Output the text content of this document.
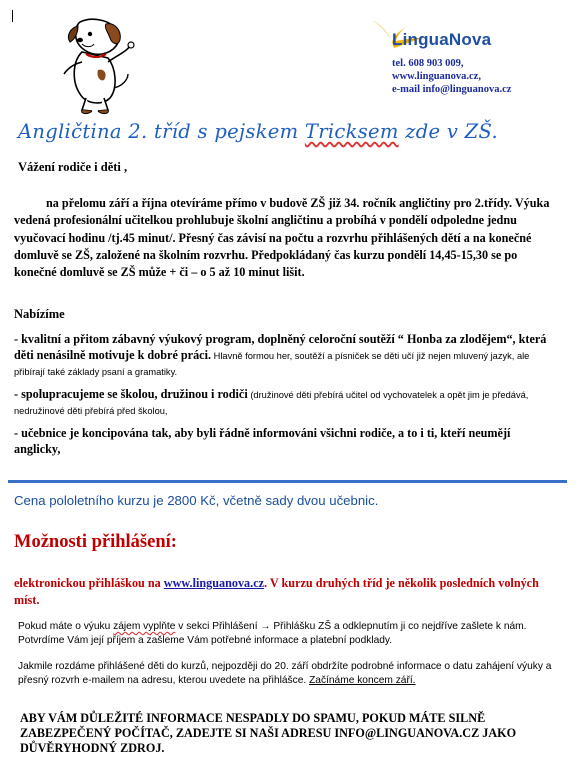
LinguaNova
tel. 608 903 009,
www.linguanova.cz,
e-mail info@linguanova.cz
Angličtina 2. tříd s pejskem Tricksem zde v ZŠ.
Vážení rodiče i děti ,
na přelomu září a října otevíráme přímo v budově ZŠ již 34. ročník angličtiny pro 2.třídy. Výuka vedená profesionální učitelkou prohlubuje školní angličtinu a probíhá v pondělí odpoledne jednu vyučovací hodinu /tj.45 minut/. Přesný čas závisí na počtu a rozvrhu přihlášených dětí a na konečné domluvě se ZŠ, založené na školním rozvrhu. Předpokládaný čas kurzu pondělí 14,45-15,30 se po konečné domluvě se ZŠ může + či – o 5 až 10 minut lišit.
Nabízíme
- kvalitní a přitom zábavný výukový program, doplněný celoroční soutěží “ Honba za zlodějem“, která děti nenásilně motivuje k dobré práci. Hlavně formou her, soutěží a písniček se děti učí již nejen mluvený jazyk, ale přibírají také základy psaní a gramatiky.
- spolupracujeme se školou, družinou i rodiči (družinové děti přebírá učitel od vychovatelek a opět jim je předává, nedružinové děti přebírá před školou,
- učebnice je koncipována tak, aby byli řádně informováni všichni rodiče, a to i ti, kteří neumějí anglicky,
Cena pololetního kurzu je 2800 Kč, včetně sady dvou učebnic.
Možnosti přihlášení:
elektronickou přihláškou na www.linguanova.cz. V kurzu druhých tříd je několik posledních volných míst.
Pokud máte o výuku zájem vyplňte v sekci Přihlášení → Přihlášku ZŠ a odklepnutím ji co nejdříve zašlete k nám. Potvrdíme Vám její příjem a zašleme Vám potřebné informace a platební podklady.
Jakmile rozdáme přihlášené děti do kurzů, nejpozději do 20. září obdržíte podrobné informace o datu zahájení výuky a přesný rozvrh e-mailem na adresu, kterou uvedete na přihlášce. Začínáme koncem září.
ABY VÁM DŮLEŽITÉ INFORMACE NESPADLY DO SPAMU, POKUD MÁTE SILNĚ ZABEZPEČENÝ POČÍTAČ, ZADEJTE SI NAŠI ADRESU INFO@LINGUANOVA.CZ JAKO DŮVĚRYHODNÝ ZDROJ.
